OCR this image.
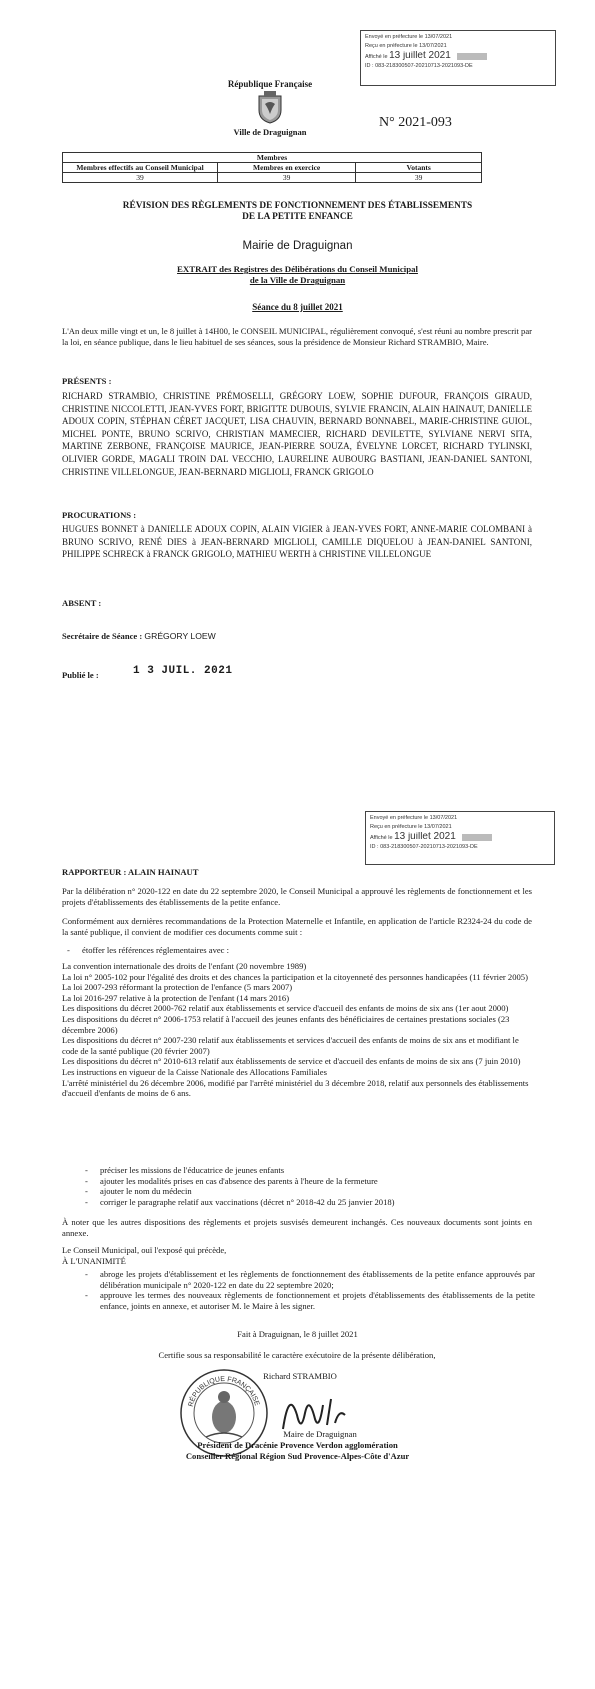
Envoyé en préfecture le 13/07/2021
Reçu en préfecture le 13/07/2021
Affiché le 13 juillet 2021
ID : 083-218300507-20210713-2021093-DE
République Française
Ville de Draguignan
N° 2021-093
Membres		
Membres effectifs au Conseil Municipal	Membres en exercice	Votants
39	39	39
RÉVISION DES RÈGLEMENTS DE FONCTIONNEMENT DES ÉTABLISSEMENTS
DE LA PETITE ENFANCE
Mairie de Draguignan
EXTRAIT des Registres des Délibérations du Conseil Municipal
de la Ville de Draguignan
Séance du 8 juillet 2021
L'An deux mille vingt et un, le 8 juillet à 14H00, le CONSEIL MUNICIPAL, régulièrement convoqué, s'est réuni au nombre prescrit par la loi, en séance publique, dans le lieu habituel de ses séances, sous la présidence de Monsieur Richard STRAMBIO, Maire.
PRÉSENTS :
RICHARD STRAMBIO, CHRISTINE PRÉMOSELLI, GRÉGORY LOEW, SOPHIE DUFOUR, FRANÇOIS GIRAUD, CHRISTINE NICCOLETTI, JEAN-YVES FORT, BRIGITTE DUBOUIS, SYLVIE FRANCIN, ALAIN HAINAUT, DANIELLE ADOUX COPIN, STÉPHAN CÉRET JACQUET, LISA CHAUVIN, BERNARD BONNABEL, MARIE-CHRISTINE GUIOL, MICHEL PONTE, BRUNO SCRIVO, CHRISTIAN MAMECIER, RICHARD DEVILETTE, SYLVIANE NERVI SITA, MARTINE ZERBONE, FRANÇOISE MAURICE, JEAN-PIERRE SOUZA, ÉVELYNE LORCET, RICHARD TYLINSKI, OLIVIER GORDE, MAGALI TROIN DAL VECCHIO, LAURELINE AUBOURG BASTIANI, JEAN-DANIEL SANTONI, CHRISTINE VILLELONGUE, JEAN-BERNARD MIGLIOLI, FRANCK GRIGOLO
PROCURATIONS :
HUGUES BONNET à DANIELLE ADOUX COPIN, ALAIN VIGIER à JEAN-YVES FORT, ANNE-MARIE COLOMBANI à BRUNO SCRIVO, RENÉ DIES à JEAN-BERNARD MIGLIOLI, CAMILLE DIQUELOU à JEAN-DANIEL SANTONI, PHILIPPE SCHRECK à FRANCK GRIGOLO, MATHIEU WERTH à CHRISTINE VILLELONGUE
ABSENT :
Secrétaire de Séance : GRÉGORY LOEW
Publié le :	1 3 JUIL. 2021
Envoyé en préfecture le 13/07/2021
Reçu en préfecture le 13/07/2021
Affiché le 13 juillet 2021
ID : 083-218300507-20210713-2021093-DE
RAPPORTEUR : ALAIN HAINAUT
Par la délibération n° 2020-122 en date du 22 septembre 2020, le Conseil Municipal a approuvé les règlements de fonctionnement et les projets d'établissements des établissements de la petite enfance.
Conformément aux dernières recommandations de la Protection Maternelle et Infantile, en application de l'article R2324-24 du code de la santé publique, il convient de modifier ces documents comme suit :
- étoffer les références réglementaires avec :
La convention internationale des droits de l'enfant (20 novembre 1989)
La loi n° 2005-102 pour l'égalité des droits et des chances la participation et la citoyenneté des personnes handicapées (11 février 2005)
La loi 2007-293 réformant la protection de l'enfance (5 mars 2007)
La loi 2016-297 relative à la protection de l'enfant (14 mars 2016)
Les dispositions du décret 2000-762 relatif aux établissements et service d'accueil des enfants de moins de six ans (1er aout 2000)
Les dispositions du décret n° 2006-1753 relatif à l'accueil des jeunes enfants des bénéficiaires de certaines prestations sociales (23 décembre 2006)
Les dispositions du décret n° 2007-230 relatif aux établissements et services d'accueil des enfants de moins de six ans et modifiant le code de la santé publique (20 février 2007)
Les dispositions du décret n° 2010-613 relatif aux établissements de service et d'accueil des enfants de moins de six ans (7 juin 2010)
Les instructions en vigueur de la Caisse Nationale des Allocations Familiales
L'arrêté ministériel du 26 décembre 2006, modifié par l'arrêté ministériel du 3 décembre 2018, relatif aux personnels des établissements d'accueil d'enfants de moins de 6 ans.
- préciser les missions de l'éducatrice de jeunes enfants
- ajouter les modalités prises en cas d'absence des parents à l'heure de la fermeture
- ajouter le nom du médecin
- corriger le paragraphe relatif aux vaccinations (décret n° 2018-42 du 25 janvier 2018)
À noter que les autres dispositions des règlements et projets susvisés demeurent inchangés. Ces nouveaux documents sont joints en annexe.
Le Conseil Municipal, ouï l'exposé qui précède,
À L'UNANIMITÉ
- abroge les projets d'établissement et les règlements de fonctionnement des établissements de la petite enfance approuvés par délibération municipale n° 2020-122 en date du 22 septembre 2020;
- approuve les termes des nouveaux règlements de fonctionnement et projets d'établissements des établissements de la petite enfance, joints en annexe, et autoriser M. le Maire à les signer.
Fait à Draguignan, le 8 juillet 2021
Certifie sous sa responsabilité le caractère exécutoire de la présente délibération,
RÉPUBLIQUE FRANÇAISE
Richard STRAMBIO
Maire de Draguignan
Président de Dracénie Provence Verdon agglomération
Conseiller Régional Région Sud Provence-Alpes-Côte d'Azur
